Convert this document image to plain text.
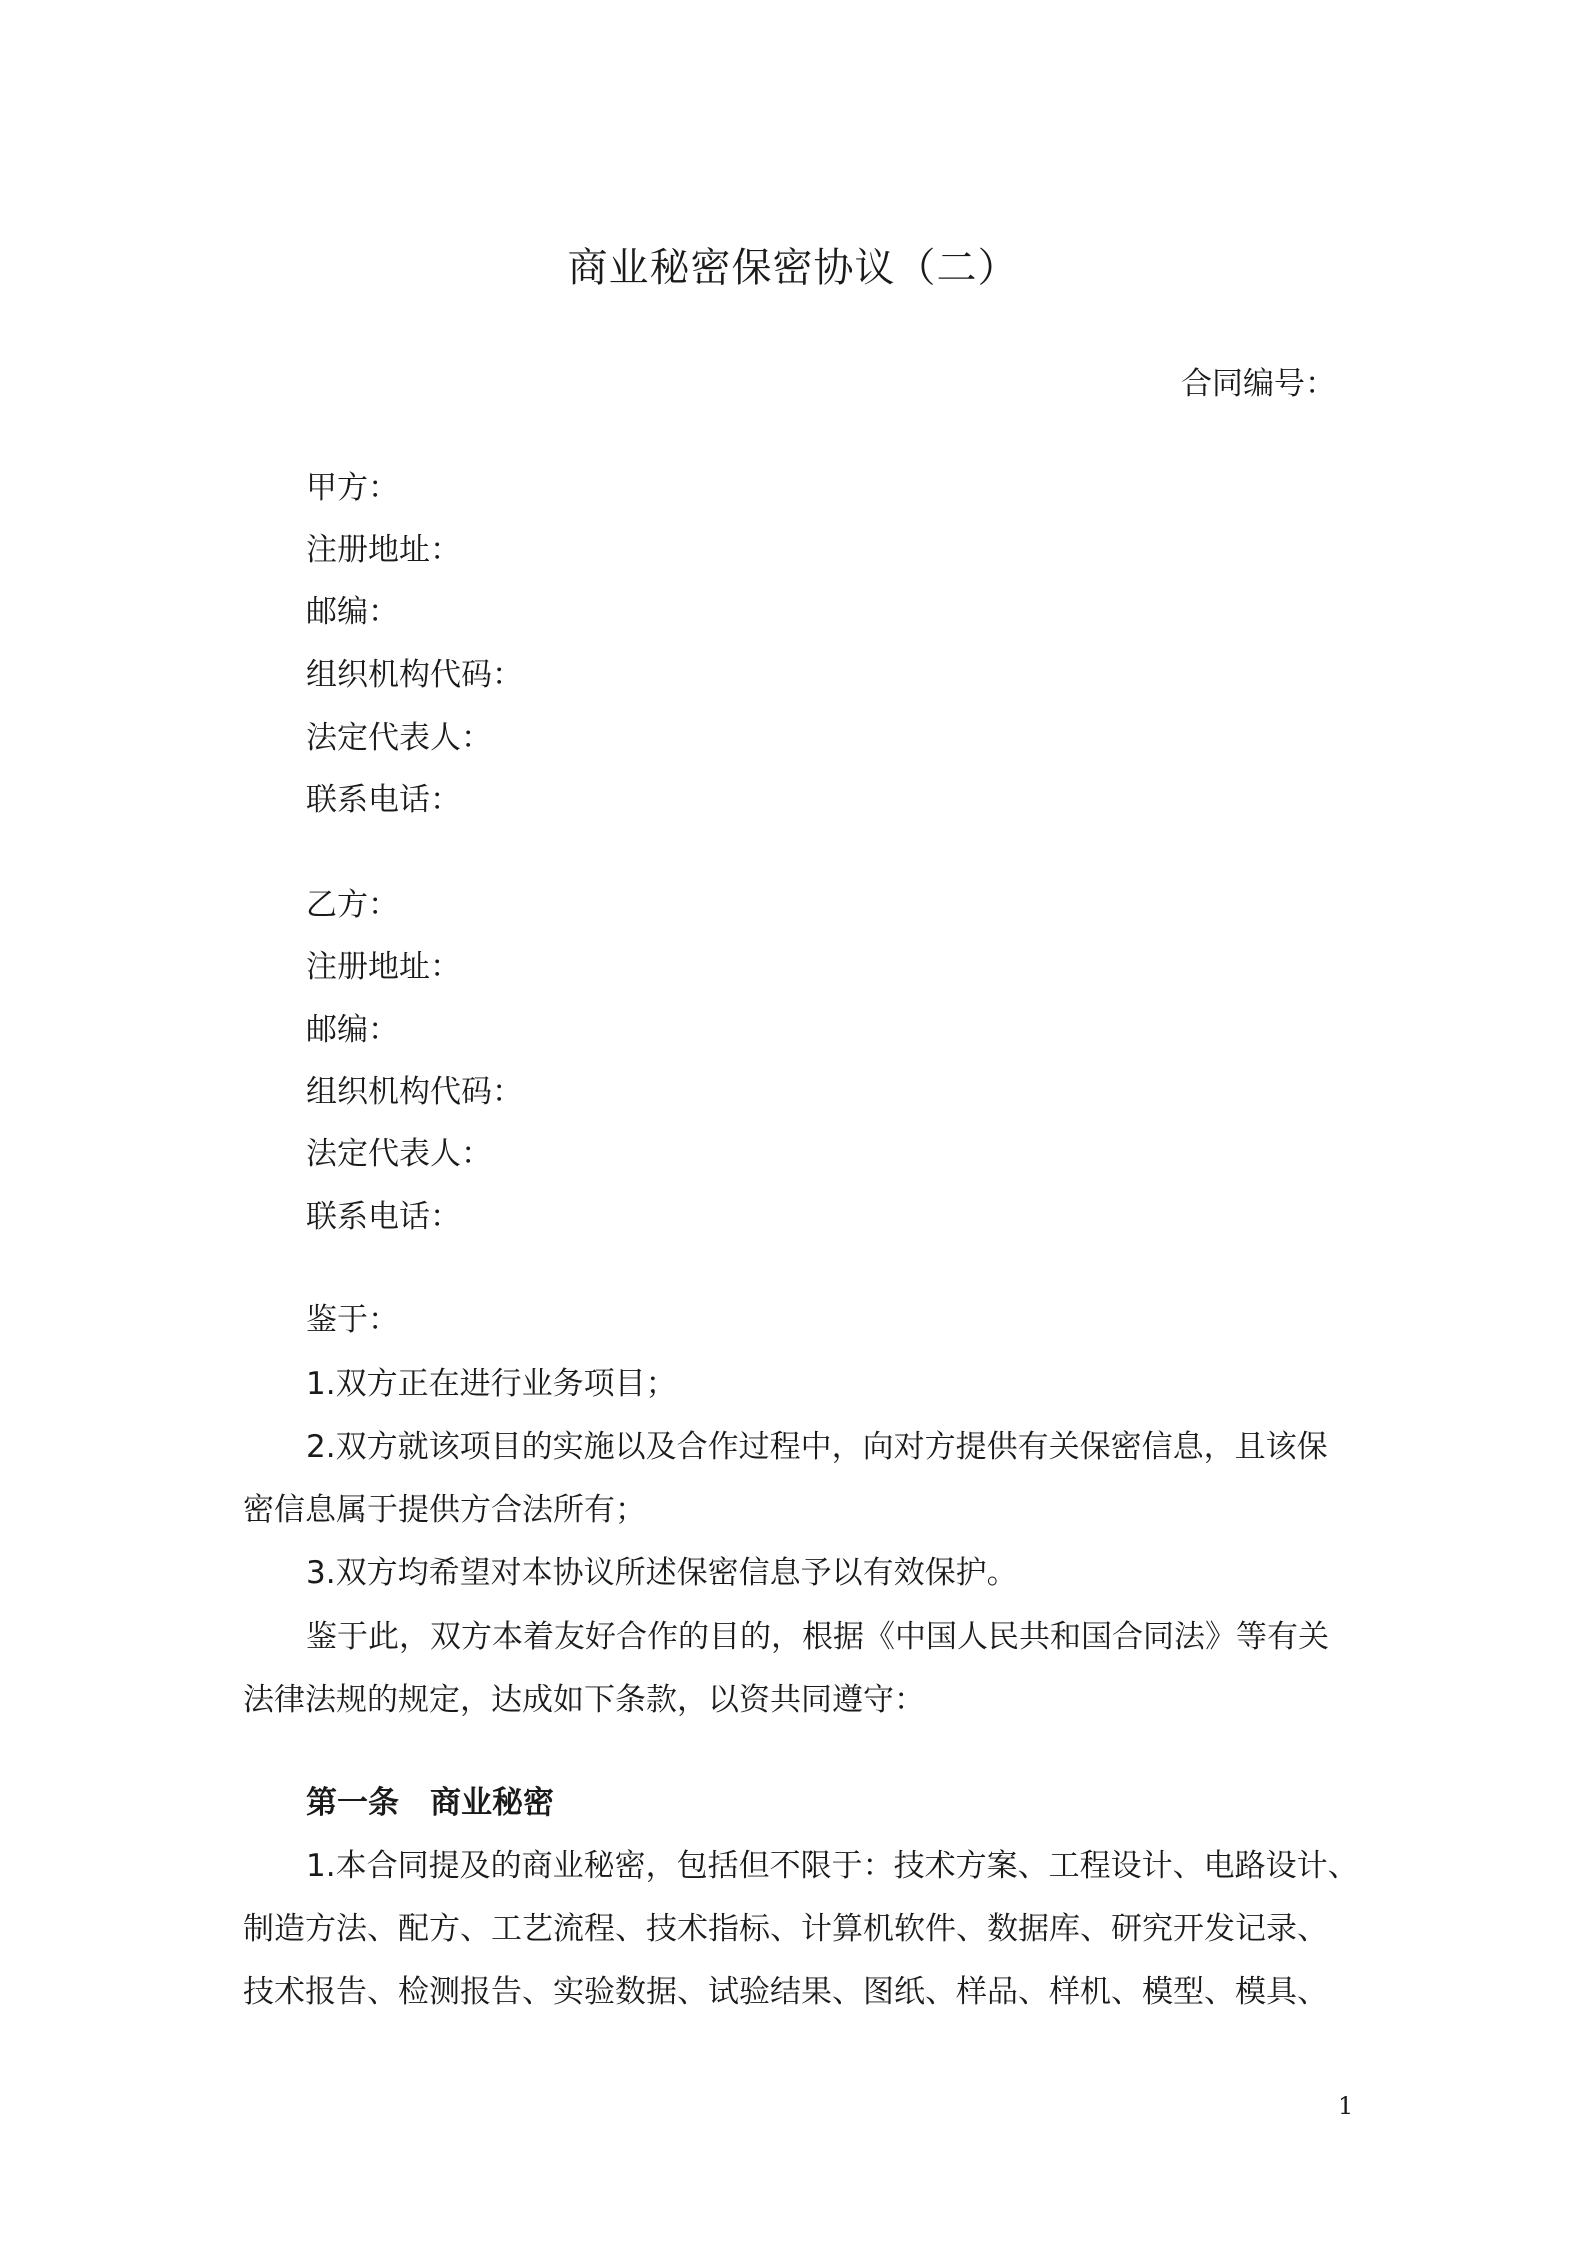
商业秘密保密协议（二）
合同编号：
甲方：
注册地址：
邮编：
组织机构代码：
法定代表人：
联系电话：
乙方：
注册地址：
邮编：
组织机构代码：
法定代表人：
联系电话：
鉴于：
1.双方正在进行业务项目；
2.双方就该项目的实施以及合作过程中，向对方提供有关保密信息，且该保
密信息属于提供方合法所有；
3.双方均希望对本协议所述保密信息予以有效保护。
鉴于此，双方本着友好合作的目的，根据《中国人民共和国合同法》等有关
法律法规的规定，达成如下条款，以资共同遵守：
第一条　商业秘密
1.本合同提及的商业秘密，包括但不限于：技术方案、工程设计、电路设计、
制造方法、配方、工艺流程、技术指标、计算机软件、数据库、研究开发记录、
技术报告、检测报告、实验数据、试验结果、图纸、样品、样机、模型、模具、
1
